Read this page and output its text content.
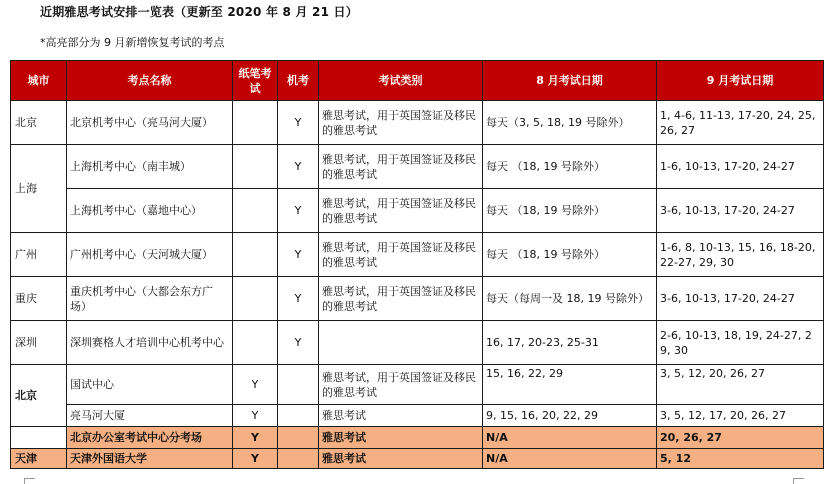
近期雅思考试安排一览表（更新至 2020 年 8 月 21 日）
*高亮部分为 9 月新增恢复考试的考点
城市	考点名称	纸笔考试	机考	考试类别	8 月考试日期	9 月考试日期
北京	北京机考中心（亮马河大厦）		Y	雅思考试，用于英国签证及移民的雅思考试	每天（3, 5, 18, 19 号除外）	1, 4-6, 11-13, 17-20, 24, 25, 26, 27
上海	上海机考中心（南丰城）		Y	雅思考试，用于英国签证及移民的雅思考试	每天 （18, 19 号除外）	1-6, 10-13, 17-20, 24-27
	上海机考中心（嘉地中心）		Y	雅思考试，用于英国签证及移民的雅思考试	每天 （18, 19 号除外）	3-6, 10-13, 17-20, 24-27
广州	广州机考中心（天河城大厦）		Y	雅思考试，用于英国签证及移民的雅思考试	每天 （18, 19 号除外）	1-6, 8, 10-13, 15, 16, 18-20, 22-27, 29, 30
重庆	重庆机考中心（大都会东方广场）		Y	雅思考试，用于英国签证及移民的雅思考试	每天（每周一及 18, 19 号除外）	3-6, 10-13, 17-20, 24-27
深圳	深圳赛格人才培训中心机考中心		Y		16, 17, 20-23, 25-31	2-6, 10-13, 18, 19, 24-27, 29, 30
北京	国试中心	Y		雅思考试，用于英国签证及移民的雅思考试	15, 16, 22, 29	3, 5, 12, 20, 26, 27
	亮马河大厦	Y		雅思考试	9, 15, 16, 20, 22, 29	3, 5, 12, 17, 20, 26, 27
	北京办公室考试中心分考场	Y		雅思考试	N/A	20, 26, 27
天津	天津外国语大学	Y		雅思考试	N/A	5, 12
